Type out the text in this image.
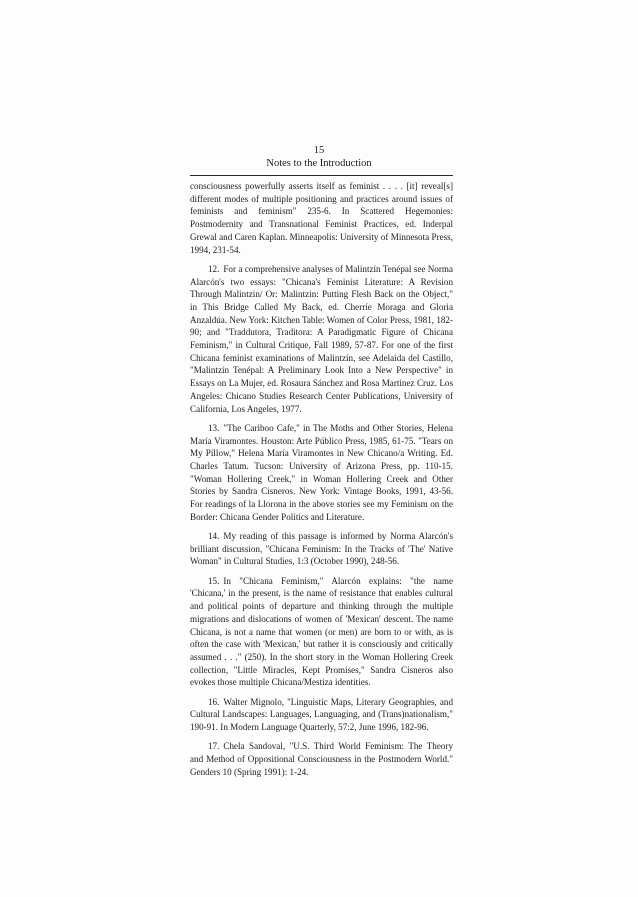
15
Notes to the Introduction

consciousness powerfully asserts itself as feminist . . . . [it] reveal[s] different modes of multiple positioning and practices around issues of feminists and feminism" 235-6. In Scattered Hegemonies: Postmodernity and Transnational Feminist Practices, ed. Inderpal Grewal and Caren Kaplan. Minneapolis: University of Minnesota Press, 1994, 231-54.

12. For a comprehensive analyses of Malintzín Tenépal see Norma Alarcón's two essays: "Chicana's Feminist Literature: A Revision Through Malintzin/ Or: Malintzin: Putting Flesh Back on the Object," in This Bridge Called My Back, ed. Cherríe Moraga and Gloria Anzaldúa. New York: Kitchen Table: Women of Color Press, 1981, 182-90; and "Traddutora, Traditora: A Paradigmatic Figure of Chicana Feminism," in Cultural Critique, Fall 1989, 57-87. For one of the first Chicana feminist examinations of Malintzín, see Adelaida del Castillo, "Malintzín Tenépal: A Preliminary Look Into a New Perspective" in Essays on La Mujer, ed. Rosaura Sánchez and Rosa Martínez Cruz. Los Angeles: Chicano Studies Research Center Publications, University of California, Los Angeles, 1977.

13. "The Cariboo Cafe," in The Moths and Other Stories, Helena María Viramontes. Houston: Arte Público Press, 1985, 61-75. "Tears on My Pillow," Helena María Viramontes in New Chicano/a Writing. Ed. Charles Tatum. Tucson: University of Arizona Press, pp. 110-15. "Woman Hollering Creek," in Woman Hollering Creek and Other Stories by Sandra Cisneros. New York: Vintage Books, 1991, 43-56. For readings of la Llorona in the above stories see my Feminism on the Border: Chicana Gender Politics and Literature.

14. My reading of this passage is informed by Norma Alarcón's brilliant discussion, "Chicana Feminism: In the Tracks of 'The' Native Woman" in Cultural Studies, 1:3 (October 1990), 248-56.

15. In "Chicana Feminism," Alarcón explains: "the name 'Chicana,' in the present, is the name of resistance that enables cultural and political points of departure and thinking through the multiple migrations and dislocations of women of 'Mexican' descent. The name Chicana, is not a name that women (or men) are born to or with, as is often the case with 'Mexican,' but rather it is consciously and critically assumed . . ." (250). In the short story in the Woman Hollering Creek collection, "Little Miracles, Kept Promises," Sandra Cisneros also evokes those multiple Chicana/Mestiza identities.

16. Walter Mignolo, "Linguistic Maps, Literary Geographies, and Cultural Landscapes: Languages, Languaging, and (Trans)nationalism," 190-91. In Modern Language Quarterly, 57:2, June 1996, 182-96.

17. Chela Sandoval, "U.S. Third World Feminism: The Theory and Method of Oppositional Consciousness in the Postmodern World." Genders 10 (Spring 1991): 1-24.
